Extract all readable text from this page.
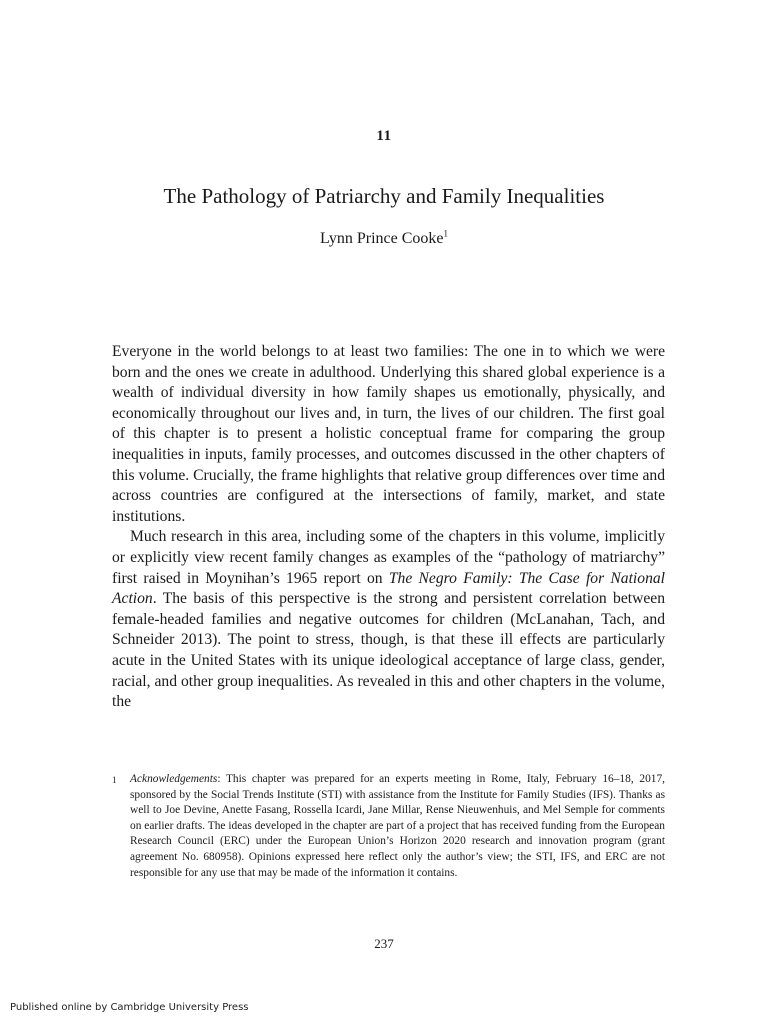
11
The Pathology of Patriarchy and Family Inequalities
Lynn Prince Cooke$^1$

Everyone in the world belongs to at least two families: The one in to which we were born and the ones we create in adulthood. Underlying this shared global experience is a wealth of individual diversity in how family shapes us emotionally, physically, and economically throughout our lives and, in turn, the lives of our children. The first goal of this chapter is to present a holistic conceptual frame for comparing the group inequalities in inputs, family processes, and outcomes discussed in the other chapters of this volume. Crucially, the frame highlights that relative group differences over time and across countries are configured at the intersections of family, market, and state institutions.

Much research in this area, including some of the chapters in this volume, implicitly or explicitly view recent family changes as examples of the “pathology of matriarchy” first raised in Moynihan’s 1965 report on The Negro Family: The Case for National Action. The basis of this perspective is the strong and persistent correlation between female-headed families and negative outcomes for children (McLanahan, Tach, and Schneider 2013). The point to stress, though, is that these ill effects are particularly acute in the United States with its unique ideological acceptance of large class, gender, racial, and other group inequalities. As revealed in this and other chapters in the volume, the

1	Acknowledgements: This chapter was prepared for an experts meeting in Rome, Italy, February 16–18, 2017, sponsored by the Social Trends Institute (STI) with assistance from the Institute for Family Studies (IFS). Thanks as well to Joe Devine, Anette Fasang, Rossella Icardi, Jane Millar, Rense Nieuwenhuis, and Mel Semple for comments on earlier drafts. The ideas developed in the chapter are part of a project that has received funding from the European Research Council (ERC) under the European Union’s Horizon 2020 research and innovation program (grant agreement No. 680958). Opinions expressed here reflect only the author’s view; the STI, IFS, and ERC are not responsible for any use that may be made of the information it contains.
237
Published online by Cambridge University Press
